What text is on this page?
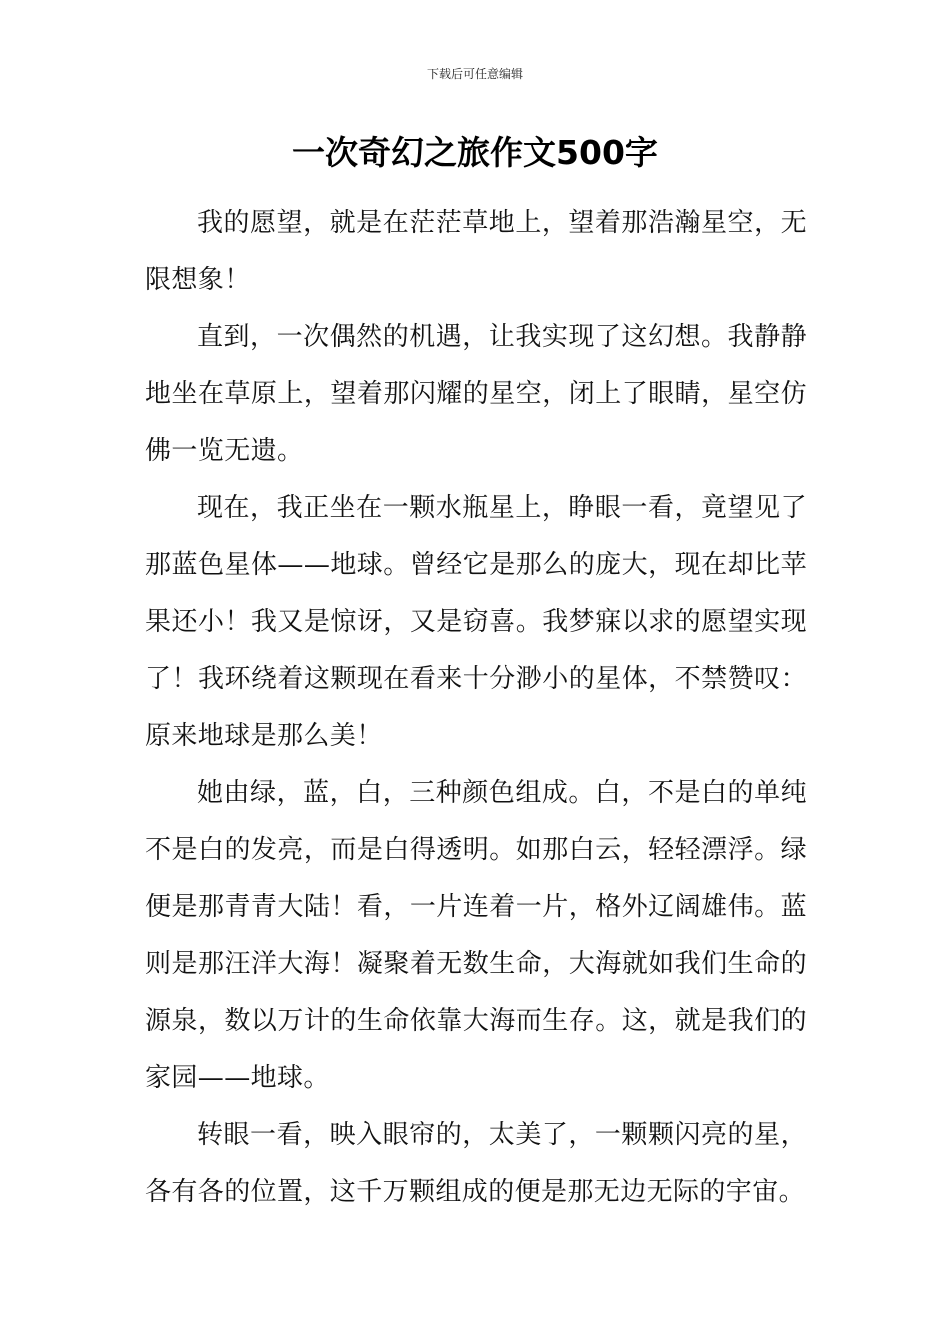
下载后可任意编辑
一次奇幻之旅作文500字

我的愿望，就是在茫茫草地上，望着那浩瀚星空，无限想象！

直到，一次偶然的机遇，让我实现了这幻想。我静静地坐在草原上，望着那闪耀的星空，闭上了眼睛，星空仿佛一览无遗。

现在，我正坐在一颗水瓶星上，睁眼一看，竟望见了那蓝色星体——地球。曾经它是那么的庞大，现在却比苹果还小！我又是惊讶，又是窃喜。我梦寐以求的愿望实现了！我环绕着这颗现在看来十分渺小的星体，不禁赞叹：原来地球是那么美！

她由绿，蓝，白，三种颜色组成。白，不是白的单纯不是白的发亮，而是白得透明。如那白云，轻轻漂浮。绿便是那青青大陆！看，一片连着一片，格外辽阔雄伟。蓝则是那汪洋大海！凝聚着无数生命，大海就如我们生命的源泉，数以万计的生命依靠大海而生存。这，就是我们的家园——地球。

转眼一看，映入眼帘的，太美了，一颗颗闪亮的星，各有各的位置，这千万颗组成的便是那无边无际的宇宙。
